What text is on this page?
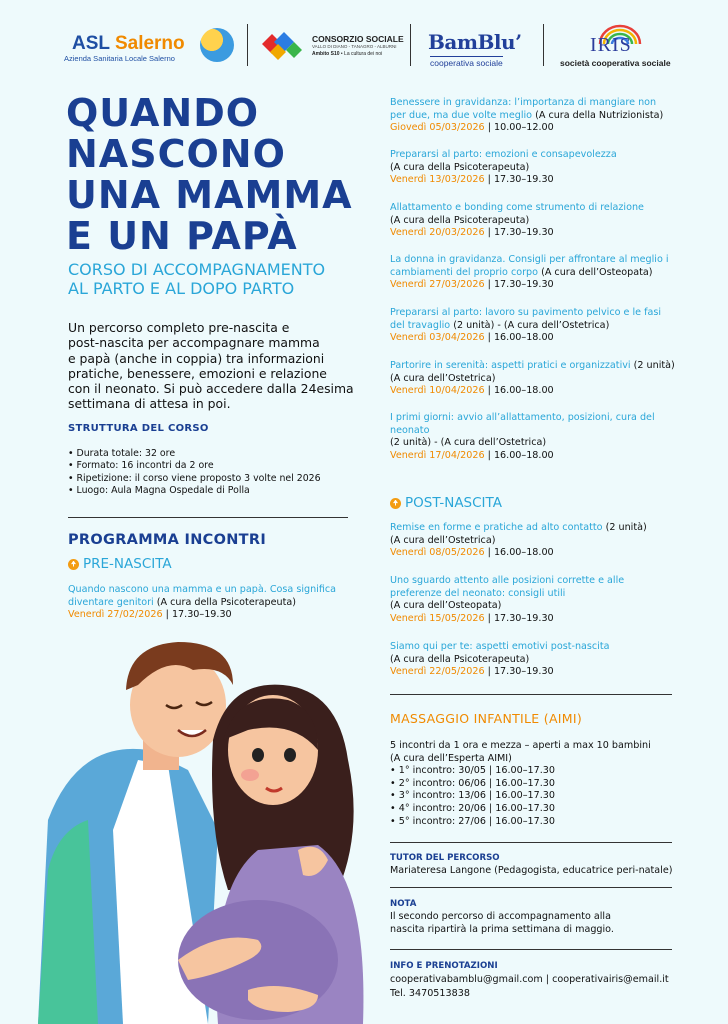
ASL Salerno
Azienda Sanitaria Locale Salerno
CONSORZIO SOCIALE
VALLO DI DIANO - TANAGRO - ALBURNI
Ambito S10 • La cultura dei noi BamBlu’
cooperativa sociale
IRIS
società cooperativa sociale
QUANDO
NASCONO
UNA MAMMA
E UN PAPÀ
CORSO DI ACCOMPAGNAMENTO
AL PARTO E AL DOPO PARTO
Un percorso completo pre-nascita e
post-nascita per accompagnare mamma
e papà (anche in coppia) tra informazioni
pratiche, benessere, emozioni e relazione
con il neonato. Si può accedere dalla 24esima
settimana di attesa in poi.
STRUTTURA DEL CORSO
• Durata totale: 32 ore
• Formato: 16 incontri da 2 ore
• Ripetizione: il corso viene proposto 3 volte nel 2026
• Luogo: Aula Magna Ospedale di Polla
PROGRAMMA INCONTRI
PRE-NASCITA
Quando nascono una mamma e un papà. Cosa significa
diventare genitori (A cura della Psicoterapeuta)
Venerdì 27/02/2026 | 17.30–19.30
Benessere in gravidanza: l’importanza di mangiare non
per due, ma due volte meglio (A cura della Nutrizionista)
Giovedì 05/03/2026 | 10.00–12.00
Prepararsi al parto: emozioni e consapevolezza
(A cura della Psicoterapeuta)
Venerdì 13/03/2026 | 17.30–19.30
Allattamento e bonding come strumento di relazione
(A cura della Psicoterapeuta)
Venerdì 20/03/2026 | 17.30–19.30
La donna in gravidanza. Consigli per affrontare al meglio i
cambiamenti del proprio corpo (A cura dell’Osteopata)
Venerdì 27/03/2026 | 17.30–19.30
Prepararsi al parto: lavoro su pavimento pelvico e le fasi
del travaglio (2 unità) - (A cura dell’Ostetrica)
Venerdì 03/04/2026 | 16.00–18.00
Partorire in serenità: aspetti pratici e organizzativi (2 unità)
(A cura dell’Ostetrica)
Venerdì 10/04/2026 | 16.00–18.00
I primi giorni: avvio all’allattamento, posizioni, cura del
neonato
(2 unità) - (A cura dell’Ostetrica)
Venerdì 17/04/2026 | 16.00–18.00
POST-NASCITA
Remise en forme e pratiche ad alto contatto (2 unità)
(A cura dell’Ostetrica)
Venerdì 08/05/2026 | 16.00–18.00
Uno sguardo attento alle posizioni corrette e alle
preferenze del neonato: consigli utili
(A cura dell’Osteopata)
Venerdì 15/05/2026 | 17.30–19.30
Siamo qui per te: aspetti emotivi post-nascita
(A cura della Psicoterapeuta)
Venerdì 22/05/2026 | 17.30–19.30
MASSAGGIO INFANTILE (AIMI)
5 incontri da 1 ora e mezza – aperti a max 10 bambini
(A cura dell’Esperta AIMI)
• 1° incontro: 30/05 | 16.00–17.30
• 2° incontro: 06/06 | 16.00–17.30
• 3° incontro: 13/06 | 16.00–17.30
• 4° incontro: 20/06 | 16.00–17.30
• 5° incontro: 27/06 | 16.00–17.30
TUTOR DEL PERCORSO
Mariateresa Langone (Pedagogista, educatrice peri-natale)
NOTA
Il secondo percorso di accompagnamento alla
nascita ripartirà la prima settimana di maggio.
INFO E PRENOTAZIONI
cooperativabamblu@gmail.com | cooperativairis@email.it
Tel. 3470513838
